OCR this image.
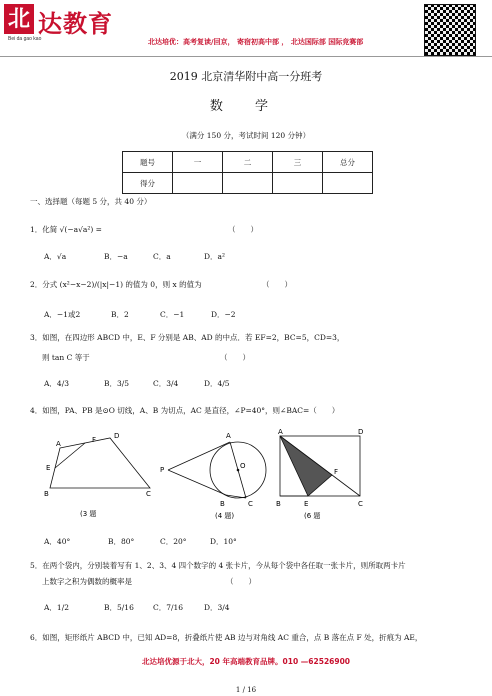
北 达教育
Bei da gao kao	北达培优：高考复读/回京， 寄宿初高中部 ， 北达国际部 国际竞赛部
2019 北京清华附中高一分班考
数 学
（满分 150 分，考试时间 120 分钟）
题号	一	二	三	总分
得分				
一、选择题（每题 5 分，共 40 分）
1．化简 √(−a√a²) =	（　　）
A．√a	B．−a	C．a	D．a²
2．分式 (x²−x−2)/(|x|−1) 的值为 0，则 x 的值为	（　　）
A．−1或2	B．2	C．−1	D．−2
3．如图，在四边形 ABCD 中，E、F 分别是 AB、AD 的中点．若 EF=2，BC=5，CD=3，
则 tan C 等于	（　　）
A．4/3	B．3/5	C．3/4	D．4/5
4．如图，PA、PB 是⊙O 切线，A、B 为切点，AC 是直径，∠P=40°，则∠BAC=（　　）
A	F	D
E
B	C
(3 题
A
P	O
B	C
(4 题)
A	D
F
B	E	C
(6 题
A．40°	B．80°	C．20°	D．10°
5．在两个袋内，分别装着写有 1、2、3、4 四个数字的 4 张卡片，今从每个袋中各任取一张卡片，则所取两卡片
上数字之积为偶数的概率是	（　　）
A．1/2	B．5/16	C．7/16	D．3/4
6．如图，矩形纸片 ABCD 中，已知 AD=8，折叠纸片使 AB 边与对角线 AC 重合，点 B 落在点 F 处，折痕为 AE，
北达培优源于北大，20 年高端教育品牌。010 —62526900
1 / 16
